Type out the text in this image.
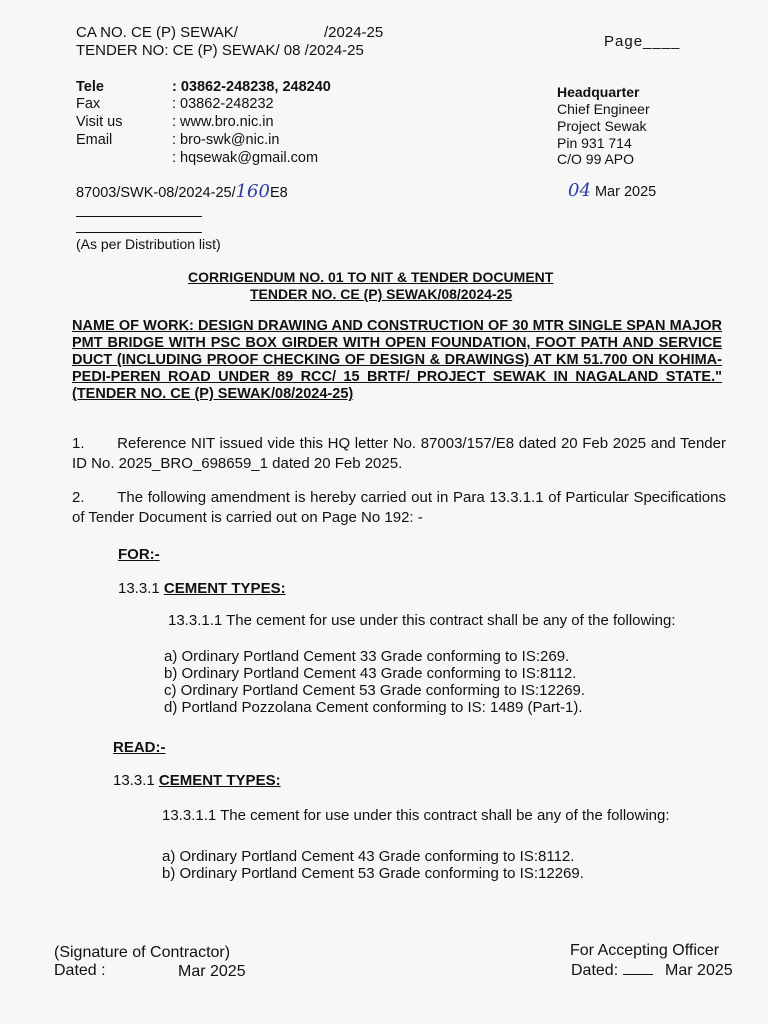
CA NO. CE (P) SEWAK/	/2024-25
TENDER NO: CE (P) SEWAK/ 08 /2024-25
Page____
Tele	: 03862-248238, 248240
Fax	: 03862-248232
Visit us	: www.bro.nic.in
Email	: bro-swk@nic.in
: hqsewak@gmail.com
Headquarter
Chief Engineer
Project Sewak
Pin 931 714
C/O 99 APO
87003/SWK-08/2024-25/160E8	04 Mar 2025
(As per Distribution list)
CORRIGENDUM NO. 01 TO NIT & TENDER DOCUMENT
TENDER NO. CE (P) SEWAK/08/2024-25
NAME OF WORK: DESIGN DRAWING AND CONSTRUCTION OF 30 MTR SINGLE SPAN MAJOR PMT BRIDGE WITH PSC BOX GIRDER WITH OPEN FOUNDATION, FOOT PATH AND SERVICE DUCT (INCLUDING PROOF CHECKING OF DESIGN & DRAWINGS) AT KM 51.700 ON KOHIMA-PEDI-PEREN ROAD UNDER 89 RCC/ 15 BRTF/ PROJECT SEWAK IN NAGALAND STATE." (TENDER NO. CE (P) SEWAK/08/2024-25)
1. Reference NIT issued vide this HQ letter No. 87003/157/E8 dated 20 Feb 2025 and Tender ID No. 2025_BRO_698659_1 dated 20 Feb 2025.
2. The following amendment is hereby carried out in Para 13.3.1.1 of Particular Specifications of Tender Document is carried out on Page No 192: -
FOR:-
13.3.1 CEMENT TYPES:
13.3.1.1 The cement for use under this contract shall be any of the following:
a) Ordinary Portland Cement 33 Grade conforming to IS:269.
b) Ordinary Portland Cement 43 Grade conforming to IS:8112.
c) Ordinary Portland Cement 53 Grade conforming to IS:12269.
d) Portland Pozzolana Cement conforming to IS: 1489 (Part-1).
READ:-
13.3.1 CEMENT TYPES:
13.3.1.1 The cement for use under this contract shall be any of the following:
a) Ordinary Portland Cement 43 Grade conforming to IS:8112.
b) Ordinary Portland Cement 53 Grade conforming to IS:12269.
(Signature of Contractor)
Dated :	Mar 2025
For Accepting Officer
Dated:	Mar 2025
